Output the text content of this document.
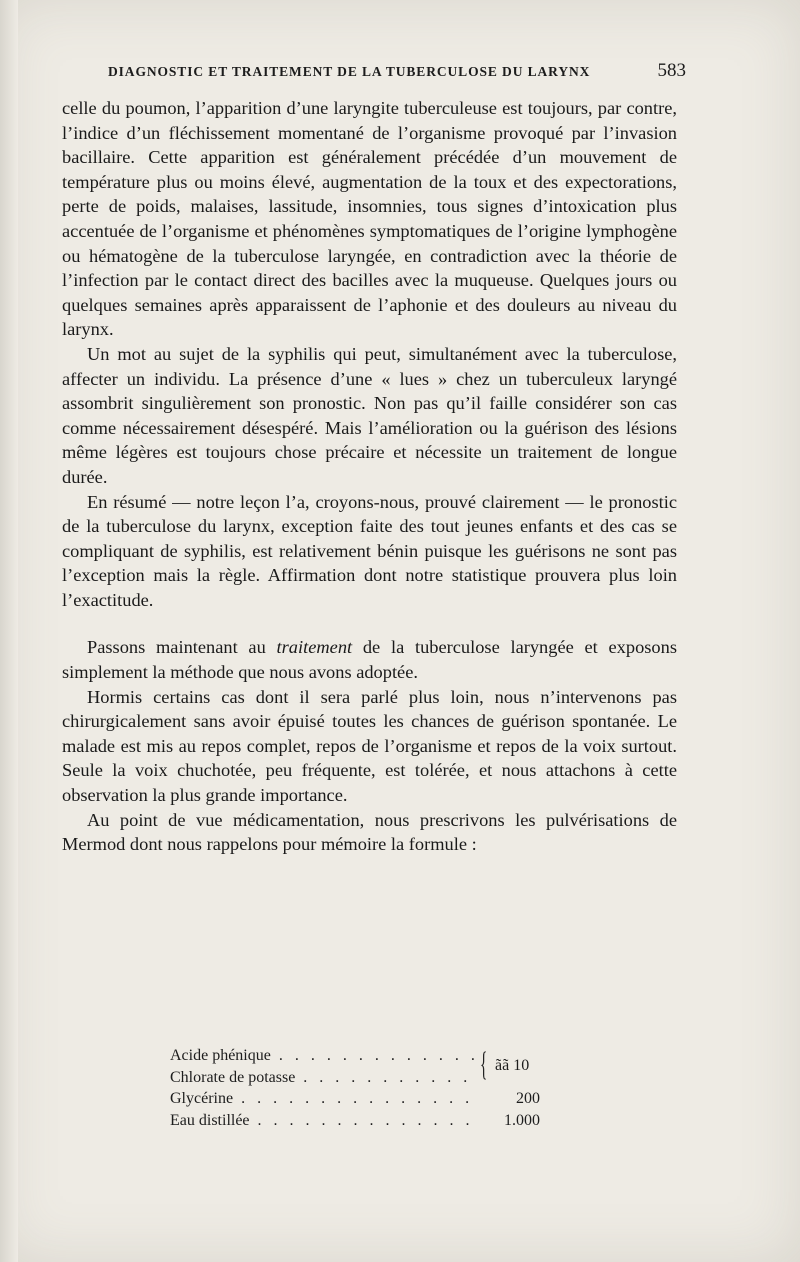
DIAGNOSTIC ET TRAITEMENT DE LA TUBERCULOSE DU LARYNX	583

celle du poumon, l’apparition d’une laryngite tuberculeuse est toujours, par contre, l’indice d’un fléchissement momentané de l’organisme provoqué par l’invasion bacillaire. Cette apparition est généralement précédée d’un mouvement de température plus ou moins élevé, augmentation de la toux et des expectorations, perte de poids, malaises, lassitude, insomnies, tous signes d’intoxication plus accentuée de l’organisme et phénomènes symptomatiques de l’origine lymphogène ou hématogène de la tuberculose laryngée, en contradiction avec la théorie de l’infection par le contact direct des bacilles avec la muqueuse. Quelques jours ou quelques semaines après apparaissent de l’aphonie et des douleurs au niveau du larynx.

Un mot au sujet de la syphilis qui peut, simultanément avec la tuberculose, affecter un individu. La présence d’une « lues » chez un tuberculeux laryngé assombrit singulièrement son pronostic. Non pas qu’il faille considérer son cas comme nécessairement désespéré. Mais l’amélioration ou la guérison des lésions même légères est toujours chose précaire et nécessite un traitement de longue durée.

En résumé — notre leçon l’a, croyons-nous, prouvé clairement — le pronostic de la tuberculose du larynx, exception faite des tout jeunes enfants et des cas se compliquant de syphilis, est relativement bénin puisque les guérisons ne sont pas l’exception mais la règle. Affirmation dont notre statistique prouvera plus loin l’exactitude.

Passons maintenant au traitement de la tuberculose laryngée et exposons simplement la méthode que nous avons adoptée.

Hormis certains cas dont il sera parlé plus loin, nous n’intervenons pas chirurgicalement sans avoir épuisé toutes les chances de guérison spontanée. Le malade est mis au repos complet, repos de l’organisme et repos de la voix surtout. Seule la voix chuchotée, peu fréquente, est tolérée, et nous attachons à cette observation la plus grande importance.

Au point de vue médicamentation, nous prescrivons les pulvérisations de Mermod dont nous rappelons pour mémoire la formule :

Acide phénique . . .
Chlorate de potasse . . .	{ ãã 10
Glycérine . . .	200
Eau distillée . . .	1.000
